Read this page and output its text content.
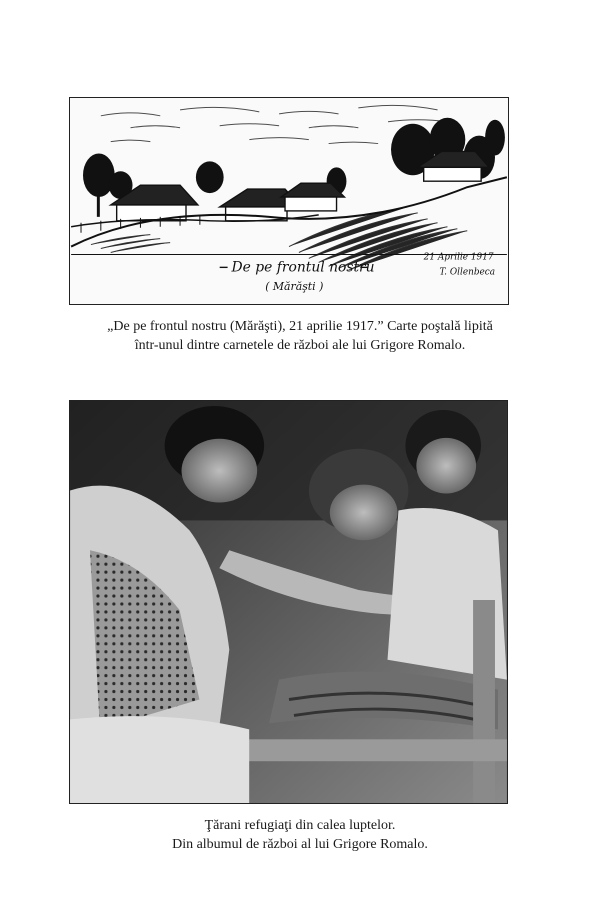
De pe frontul nostru
( Mărăşti )
21 Aprilie 1917
T. Ollenbeca
„De pe frontul nostru (Mărăşti), 21 aprilie 1917.” Carte poştală lipită
într-unul dintre carnetele de război ale lui Grigore Romalo.
Ţărani refugiaţi din calea luptelor.
Din albumul de război al lui Grigore Romalo.
